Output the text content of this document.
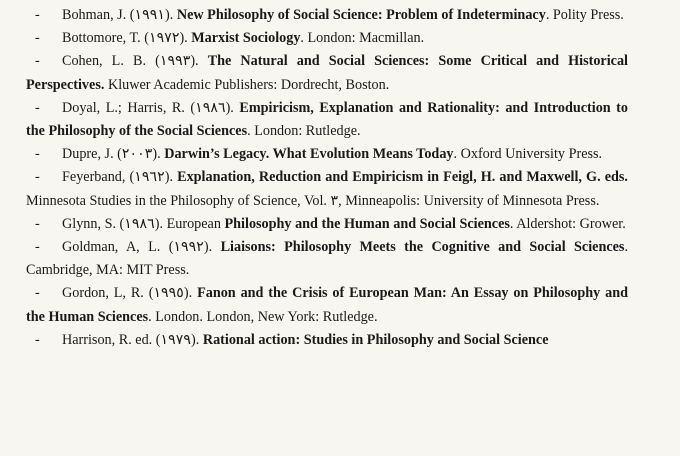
- Bohman, J. (١٩٩١). New Philosophy of Social Science: Problem of Indeterminacy. Polity Press.
- Bottomore, T. (١٩٧٢). Marxist Sociology. London: Macmillan.
- Cohen, L. B. (١٩٩٣). The Natural and Social Sciences: Some Critical and Historical Perspectives. Kluwer Academic Publishers: Dordrecht, Boston.
- Doyal, L.; Harris, R. (١٩٨٦). Empiricism, Explanation and Rationality: and Introduction to the Philosophy of the Social Sciences. London: Rutledge.
- Dupre, J. (٢٠٠٣). Darwin’s Legacy. What Evolution Means Today. Oxford University Press.
- Feyerband, (١٩٦٢). Explanation, Reduction and Empiricism in Feigl, H. and Maxwell, G. eds. Minnesota Studies in the Philosophy of Science, Vol. ٣, Minneapolis: University of Minnesota Press.
- Glynn, S. (١٩٨٦). European Philosophy and the Human and Social Sciences. Aldershot: Grower.
- Goldman, A, L. (١٩٩٢). Liaisons: Philosophy Meets the Cognitive and Social Sciences. Cambridge, MA: MIT Press.
- Gordon, L, R. (١٩٩٥). Fanon and the Crisis of European Man: An Essay on Philosophy and the Human Sciences. London. London, New York: Rutledge.
- Harrison, R. ed. (١٩٧٩). Rational action: Studies in Philosophy and Social Science
